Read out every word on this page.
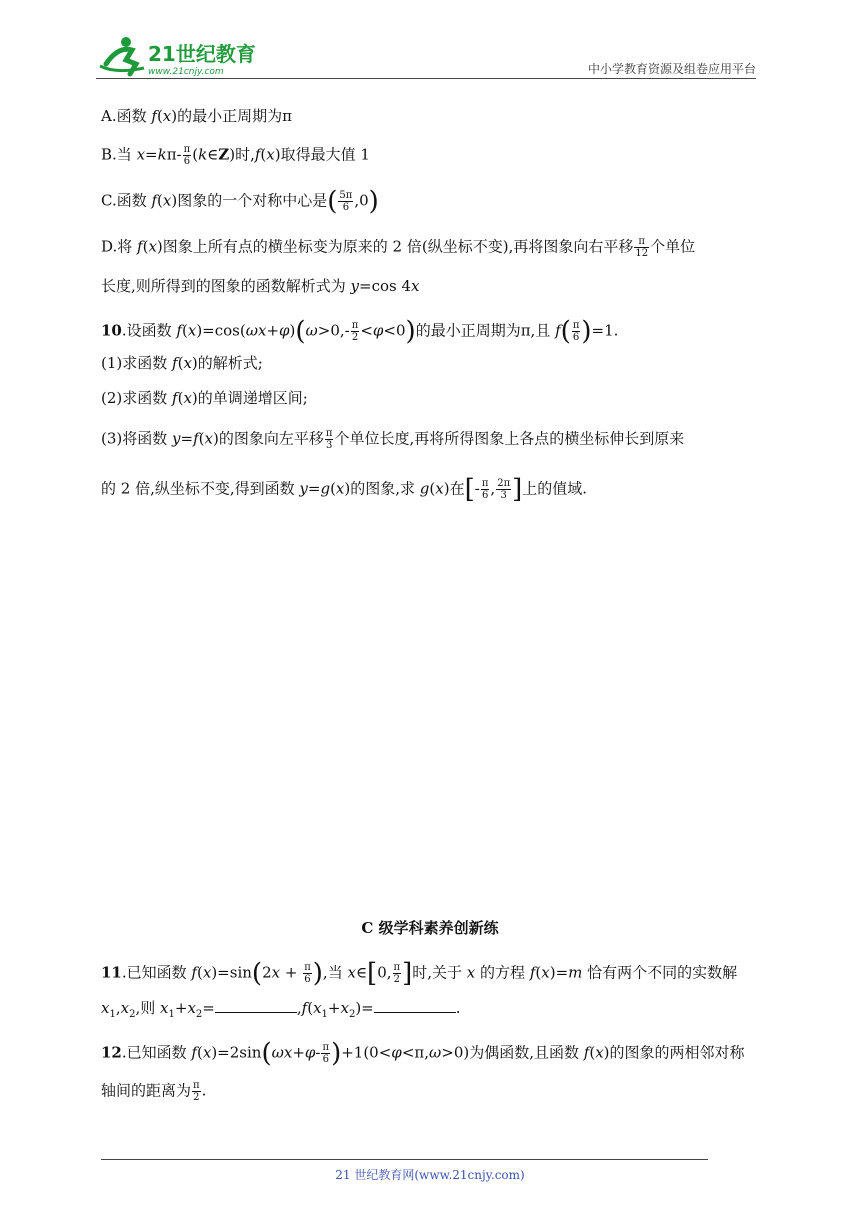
21世纪教育
www.21cnjy.com	中小学教育资源及组卷应用平台
A.函数 f(x)的最小正周期为π
B.当 $x=k\pi- \frac{\pi}{6}$ (k∈Z)时,f(x)取得最大值 1
C.函数 f(x)图象的一个对称中心是( $\frac{5\pi}{6} ,0$)
D.将 f(x)图象上所有点的横坐标变为原来的 2 倍(纵坐标不变),再将图象向右平移 $\frac{\pi}{12}$ 个单位
长度,则所得到的图象的函数解析式为 y=cos 4x
10.设函数 $f(x)=\cos(\omega x+\varphi)(\omega>0,- \frac{\pi}{2} <\varphi<0)$的最小正周期为π,且 $f( \frac{\pi}{6} )=1$.
(1)求函数 f(x)的解析式;
(2)求函数 f(x)的单调递增区间;
(3)将函数 y=f(x)的图象向左平移 $\frac{\pi}{3}$ 个单位长度,再将所得图象上各点的横坐标伸长到原来
的 2 倍,纵坐标不变,得到函数 y=g(x)的图象,求 g(x)在[- $\frac{\pi}{6}$ , $\frac{2\pi}{3}$ ]上的值域.
C 级学科素养创新练
11.已知函数 $f(x)=\sin(2x + \frac{\pi}{6}$ ),当 x∈[0, $\frac{\pi}{2}$ ]时,关于 x 的方程 f(x)=m 恰有两个不同的实数解
$x_1,x_2$,则 $x_1+x_2=$	$,f(x_1+x_2)=$	.
12.已知函数 $f(x)=2\sin(\omega x+\varphi- \frac{\pi}{6} )+1(0<\varphi<\pi,\omega>0)$为偶函数,且函数 f(x)的图象的两相邻对称
轴间的距离为 $\frac{\pi}{2}$ .
21 世纪教育网(www.21cnjy.com)
